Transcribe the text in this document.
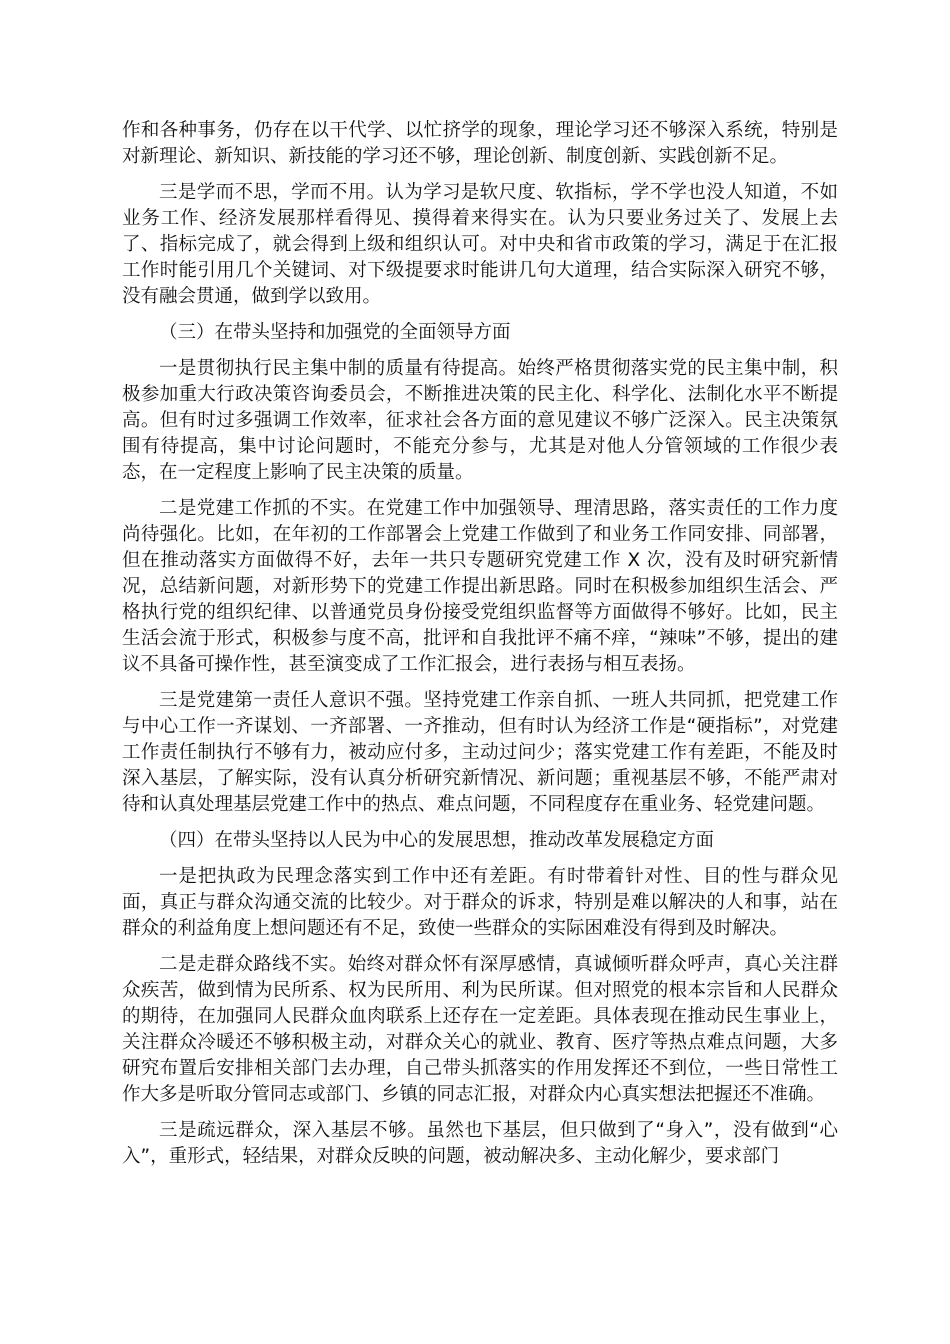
作和各种事务，仍存在以干代学、以忙挤学的现象，理论学习还不够深入系统，特别是对新理论、新知识、新技能的学习还不够，理论创新、制度创新、实践创新不足。

三是学而不思，学而不用。认为学习是软尺度、软指标，学不学也没人知道，不如业务工作、经济发展那样看得见、摸得着来得实在。认为只要业务过关了、发展上去了、指标完成了，就会得到上级和组织认可。对中央和省市政策的学习，满足于在汇报工作时能引用几个关键词、对下级提要求时能讲几句大道理，结合实际深入研究不够，没有融会贯通，做到学以致用。

（三）在带头坚持和加强党的全面领导方面

一是贯彻执行民主集中制的质量有待提高。始终严格贯彻落实党的民主集中制，积极参加重大行政决策咨询委员会，不断推进决策的民主化、科学化、法制化水平不断提高。但有时过多强调工作效率，征求社会各方面的意见建议不够广泛深入。民主决策氛围有待提高，集中讨论问题时，不能充分参与，尤其是对他人分管领域的工作很少表态，在一定程度上影响了民主决策的质量。

二是党建工作抓的不实。在党建工作中加强领导、理清思路，落实责任的工作力度尚待强化。比如，在年初的工作部署会上党建工作做到了和业务工作同安排、同部署，但在推动落实方面做得不好，去年一共只专题研究党建工作 X 次，没有及时研究新情况，总结新问题，对新形势下的党建工作提出新思路。同时在积极参加组织生活会、严格执行党的组织纪律、以普通党员身份接受党组织监督等方面做得不够好。比如，民主生活会流于形式，积极参与度不高，批评和自我批评不痛不痒，“辣味”不够，提出的建议不具备可操作性，甚至演变成了工作汇报会，进行表扬与相互表扬。

三是党建第一责任人意识不强。坚持党建工作亲自抓、一班人共同抓，把党建工作与中心工作一齐谋划、一齐部署、一齐推动，但有时认为经济工作是“硬指标”，对党建工作责任制执行不够有力，被动应付多，主动过问少；落实党建工作有差距，不能及时深入基层，了解实际，没有认真分析研究新情况、新问题；重视基层不够，不能严肃对待和认真处理基层党建工作中的热点、难点问题，不同程度存在重业务、轻党建问题。

（四）在带头坚持以人民为中心的发展思想，推动改革发展稳定方面

一是把执政为民理念落实到工作中还有差距。有时带着针对性、目的性与群众见面，真正与群众沟通交流的比较少。对于群众的诉求，特别是难以解决的人和事，站在群众的利益角度上想问题还有不足，致使一些群众的实际困难没有得到及时解决。

二是走群众路线不实。始终对群众怀有深厚感情，真诚倾听群众呼声，真心关注群众疾苦，做到情为民所系、权为民所用、利为民所谋。但对照党的根本宗旨和人民群众的期待，在加强同人民群众血肉联系上还存在一定差距。具体表现在推动民生事业上，关注群众冷暖还不够积极主动，对群众关心的就业、教育、医疗等热点难点问题，大多研究布置后安排相关部门去办理，自己带头抓落实的作用发挥还不到位，一些日常性工作大多是听取分管同志或部门、乡镇的同志汇报，对群众内心真实想法把握还不准确。

三是疏远群众，深入基层不够。虽然也下基层，但只做到了“身入”，没有做到“心入”，重形式，轻结果，对群众反映的问题，被动解决多、主动化解少，要求部门
